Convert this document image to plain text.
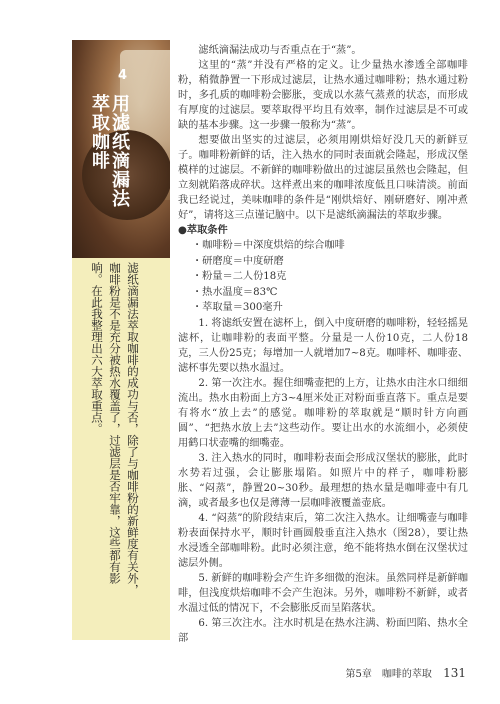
4
用滤纸滴漏法
萃取咖啡
滤纸滴漏法萃取咖啡的成功与否，除了与咖啡粉的新鲜度有关外，咖啡粉是不是充分被热水覆盖了，过滤层是否牢靠，这些都有影响。在此我整理出六大萃取重点。

滤纸滴漏法成功与否重点在于“蒸”。

这里的“蒸”并没有严格的定义。让少量热水渗透全部咖啡粉，稍微静置一下形成过滤层，让热水通过咖啡粉；热水通过粉时，多孔质的咖啡粉会膨胀，变成以水蒸气蒸煮的状态，而形成有厚度的过滤层。要萃取得平均且有效率，制作过滤层是不可或缺的基本步骤。这一步骤一般称为“蒸”。

想要做出坚实的过滤层，必须用刚烘焙好没几天的新鲜豆子。咖啡粉新鲜的话，注入热水的同时表面就会隆起，形成汉堡模样的过滤层。不新鲜的咖啡粉做出的过滤层虽然也会隆起，但立刻就陷落成碎状。这样煮出来的咖啡浓度低且口味清淡。前面我已经说过，美味咖啡的条件是“刚烘焙好、刚研磨好、刚冲煮好”，请将这三点谨记脑中。以下是滤纸滴漏法的萃取步骤。

●萃取条件

・咖啡粉＝中深度烘焙的综合咖啡
・研磨度＝中度研磨
・粉量＝二人份18克
・热水温度＝83℃
・萃取量＝300毫升

1. 将滤纸安置在滤杯上，倒入中度研磨的咖啡粉，轻轻摇晃滤杯，让咖啡粉的表面平整。分量是一人份10克，二人份18克，三人份25克；每增加一人就增加7~8克。咖啡杯、咖啡壶、滤杯事先要以热水温过。

2. 第一次注水。握住细嘴壶把的上方，让热水由注水口细细流出。热水由粉面上方3~4厘米处正对粉面垂直落下。重点是要有将水“放上去”的感觉。咖啡粉的萃取就是“顺时针方向画圆”、“把热水放上去”这些动作。要让出水的水流细小，必须使用鹤口状壶嘴的细嘴壶。

3. 注入热水的同时，咖啡粉表面会形成汉堡状的膨胀，此时水势若过强，会让膨胀塌陷。如照片中的样子，咖啡粉膨胀、“闷蒸”，静置20~30秒。最理想的热水量是咖啡壶中有几滴，或者最多也仅是薄薄一层咖啡液覆盖壶底。

4. “闷蒸”的阶段结束后，第二次注入热水。让细嘴壶与咖啡粉表面保持水平，顺时针画圆般垂直注入热水（图28），要让热水浸透全部咖啡粉。此时必须注意，绝不能将热水倒在汉堡状过滤层外侧。

5. 新鲜的咖啡粉会产生许多细微的泡沫。虽然同样是新鲜咖啡，但浅度烘焙咖啡不会产生泡沫。另外，咖啡粉不新鲜，或者水温过低的情况下，不会膨胀反而呈陷落状。

6. 第三次注水。注水时机是在热水注满、粉面凹陷、热水全部

第5章　咖啡的萃取 131
